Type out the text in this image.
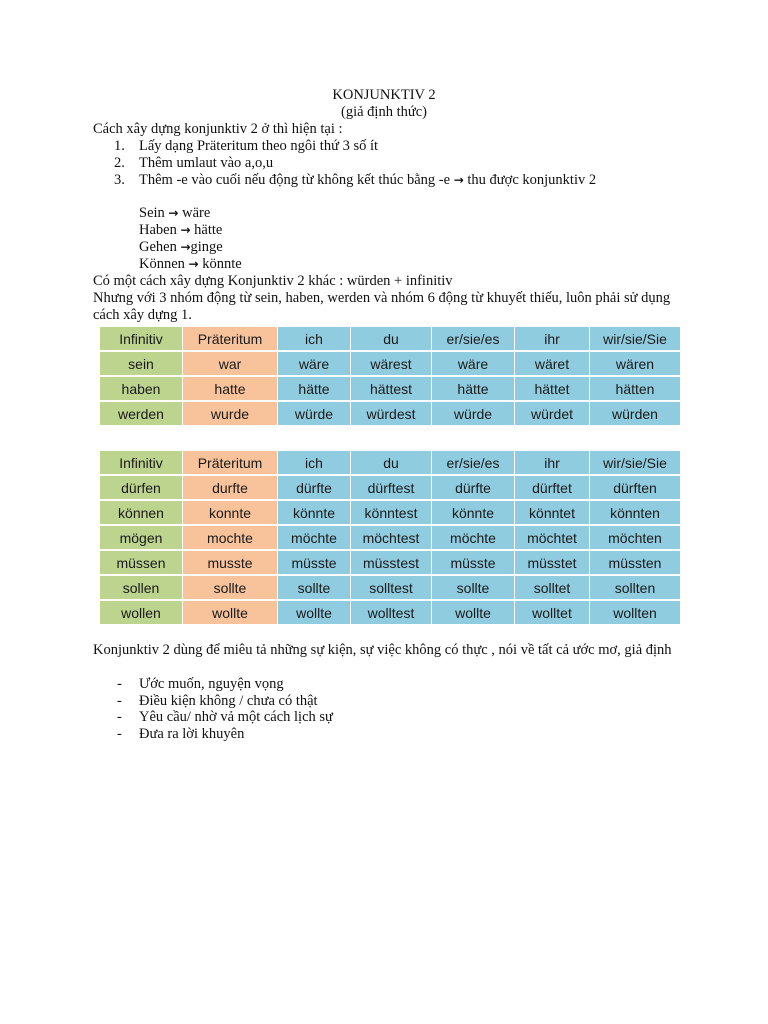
KONJUNKTIV 2
(giả định thức)
Cách xây dựng konjunktiv 2 ở thì hiện tại :
1. Lấy dạng Präteritum theo ngôi thứ 3 số ít
2. Thêm umlaut vào a,o,u
3. Thêm -e vào cuối nếu động từ không kết thúc bằng -e → thu được konjunktiv 2
Sein → wäre
Haben → hätte
Gehen →ginge
Können → könnte
Có một cách xây dựng Konjunktiv 2 khác : würden + infinitiv
Nhưng với 3 nhóm động từ sein, haben, werden và nhóm 6 động từ khuyết thiếu, luôn phải sử dụng cách xây dựng 1.
Infinitiv	Präteritum	ich	du	er/sie/es	ihr	wir/sie/Sie
sein	war	wäre	wärest	wäre	wäret	wären
haben	hatte	hätte	hättest	hätte	hättet	hätten
werden	wurde	würde	würdest	würde	würdet	würden
Infinitiv	Präteritum	ich	du	er/sie/es	ihr	wir/sie/Sie
dürfen	durfte	dürfte	dürftest	dürfte	dürftet	dürften
können	konnte	könnte	könntest	könnte	könntet	könnten
mögen	mochte	möchte	möchtest	möchte	möchtet	möchten
müssen	musste	müsste	müsstest	müsste	müsstet	müssten
sollen	sollte	sollte	solltest	sollte	solltet	sollten
wollen	wollte	wollte	wolltest	wollte	wolltet	wollten
Konjunktiv 2 dùng để miêu tả những sự kiện, sự việc không có thực , nói về tất cả ước mơ, giả định
- Ước muốn, nguyện vọng
- Điều kiện không / chưa có thật
- Yêu cầu/ nhờ vả một cách lịch sự
- Đưa ra lời khuyên
